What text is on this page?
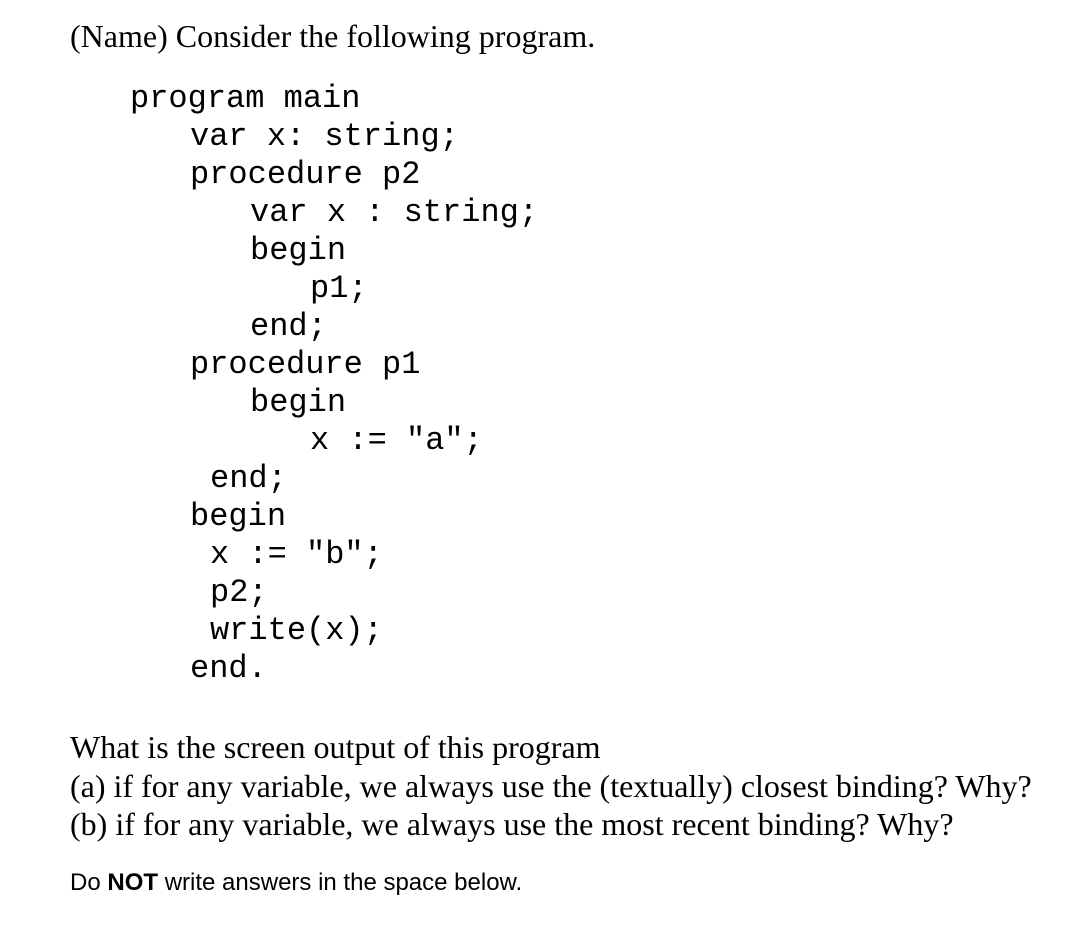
(Name) Consider the following program.
program main
var x: string;
procedure p2
var x : string;
begin
p1;
end;
procedure p1
begin
x := "a";
end;
begin
x := "b";
p2;
write(x);
end.
What is the screen output of this program
(a) if for any variable, we always use the (textually) closest binding? Why?
(b) if for any variable, we always use the most recent binding? Why?
Do NOT write answers in the space below.
